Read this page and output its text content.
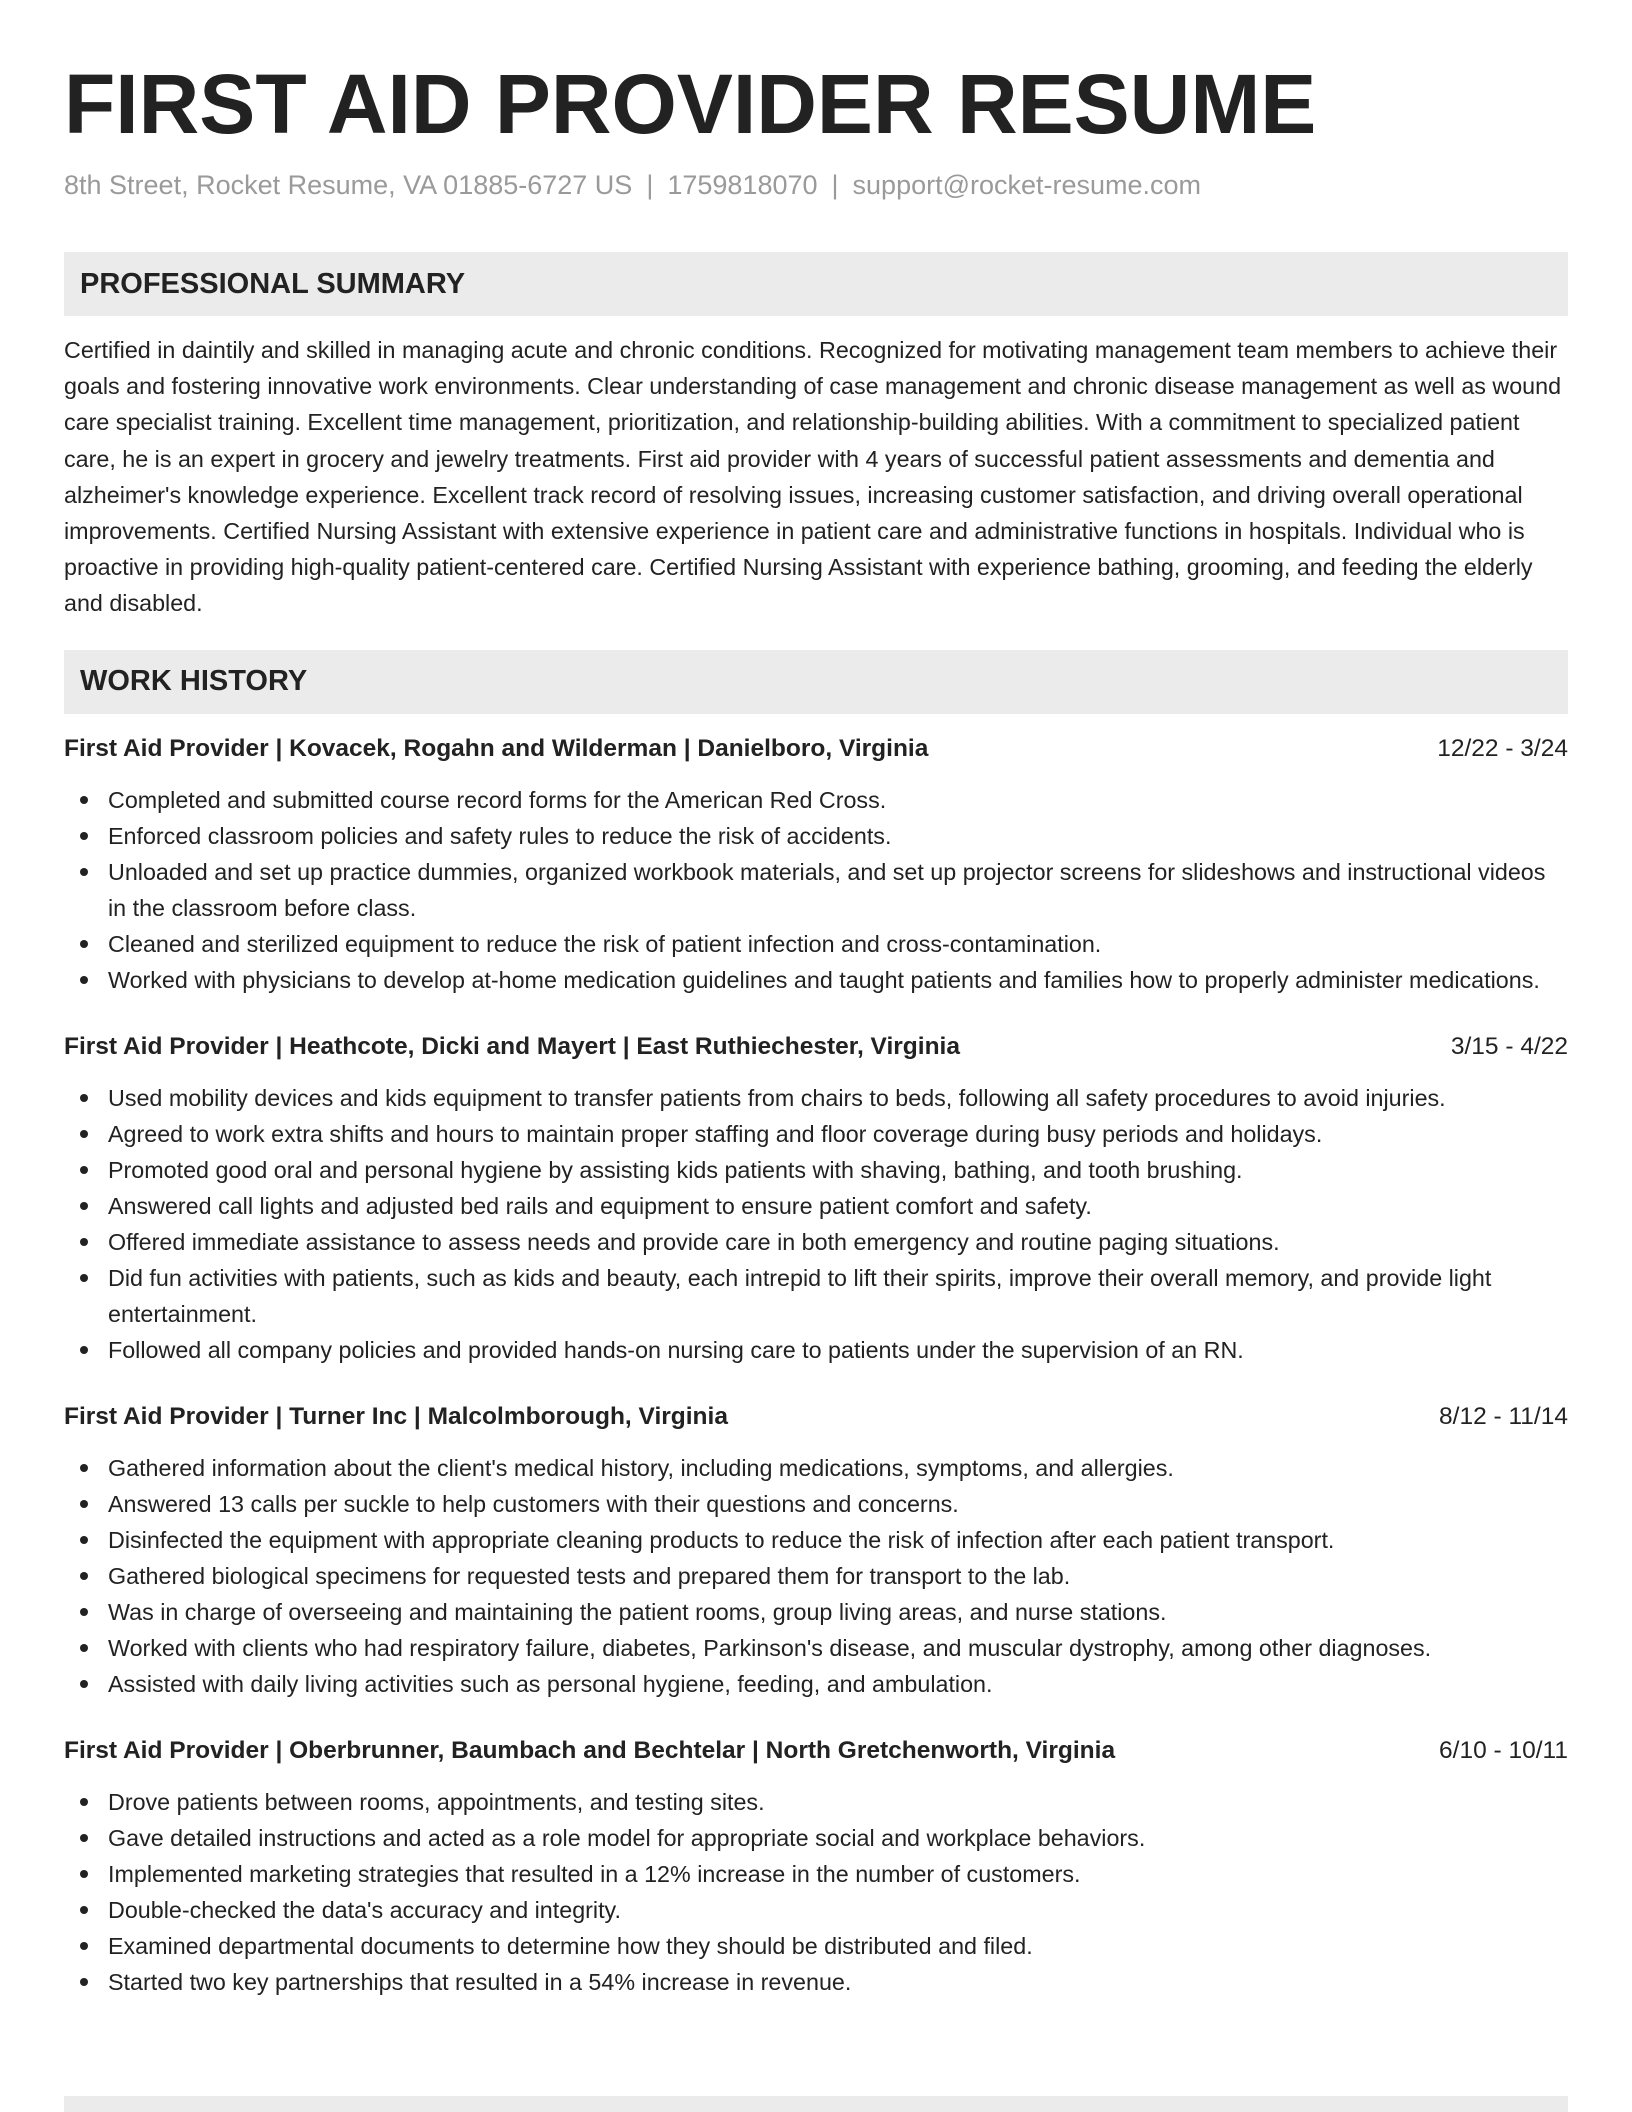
FIRST AID PROVIDER RESUME
8th Street, Rocket Resume, VA 01885-6727 US | 1759818070 | support@rocket-resume.com
PROFESSIONAL SUMMARY
Certified in daintily and skilled in managing acute and chronic conditions. Recognized for motivating management team members to achieve their goals and fostering innovative work environments. Clear understanding of case management and chronic disease management as well as wound care specialist training. Excellent time management, prioritization, and relationship-building abilities. With a commitment to specialized patient care, he is an expert in grocery and jewelry treatments. First aid provider with 4 years of successful patient assessments and dementia and alzheimer's knowledge experience. Excellent track record of resolving issues, increasing customer satisfaction, and driving overall operational improvements. Certified Nursing Assistant with extensive experience in patient care and administrative functions in hospitals. Individual who is proactive in providing high-quality patient-centered care. Certified Nursing Assistant with experience bathing, grooming, and feeding the elderly and disabled.
WORK HISTORY
First Aid Provider | Kovacek, Rogahn and Wilderman | Danielboro, Virginia	12/22 - 3/24
Completed and submitted course record forms for the American Red Cross.
Enforced classroom policies and safety rules to reduce the risk of accidents.
Unloaded and set up practice dummies, organized workbook materials, and set up projector screens for slideshows and instructional videos in the classroom before class.
Cleaned and sterilized equipment to reduce the risk of patient infection and cross-contamination.
Worked with physicians to develop at-home medication guidelines and taught patients and families how to properly administer medications.
First Aid Provider | Heathcote, Dicki and Mayert | East Ruthiechester, Virginia	3/15 - 4/22
Used mobility devices and kids equipment to transfer patients from chairs to beds, following all safety procedures to avoid injuries.
Agreed to work extra shifts and hours to maintain proper staffing and floor coverage during busy periods and holidays.
Promoted good oral and personal hygiene by assisting kids patients with shaving, bathing, and tooth brushing.
Answered call lights and adjusted bed rails and equipment to ensure patient comfort and safety.
Offered immediate assistance to assess needs and provide care in both emergency and routine paging situations.
Did fun activities with patients, such as kids and beauty, each intrepid to lift their spirits, improve their overall memory, and provide light entertainment.
Followed all company policies and provided hands-on nursing care to patients under the supervision of an RN.
First Aid Provider | Turner Inc | Malcolmborough, Virginia	8/12 - 11/14
Gathered information about the client's medical history, including medications, symptoms, and allergies.
Answered 13 calls per suckle to help customers with their questions and concerns.
Disinfected the equipment with appropriate cleaning products to reduce the risk of infection after each patient transport.
Gathered biological specimens for requested tests and prepared them for transport to the lab.
Was in charge of overseeing and maintaining the patient rooms, group living areas, and nurse stations.
Worked with clients who had respiratory failure, diabetes, Parkinson's disease, and muscular dystrophy, among other diagnoses.
Assisted with daily living activities such as personal hygiene, feeding, and ambulation.
First Aid Provider | Oberbrunner, Baumbach and Bechtelar | North Gretchenworth, Virginia	6/10 - 10/11
Drove patients between rooms, appointments, and testing sites.
Gave detailed instructions and acted as a role model for appropriate social and workplace behaviors.
Implemented marketing strategies that resulted in a 12% increase in the number of customers.
Double-checked the data's accuracy and integrity.
Examined departmental documents to determine how they should be distributed and filed.
Started two key partnerships that resulted in a 54% increase in revenue.
